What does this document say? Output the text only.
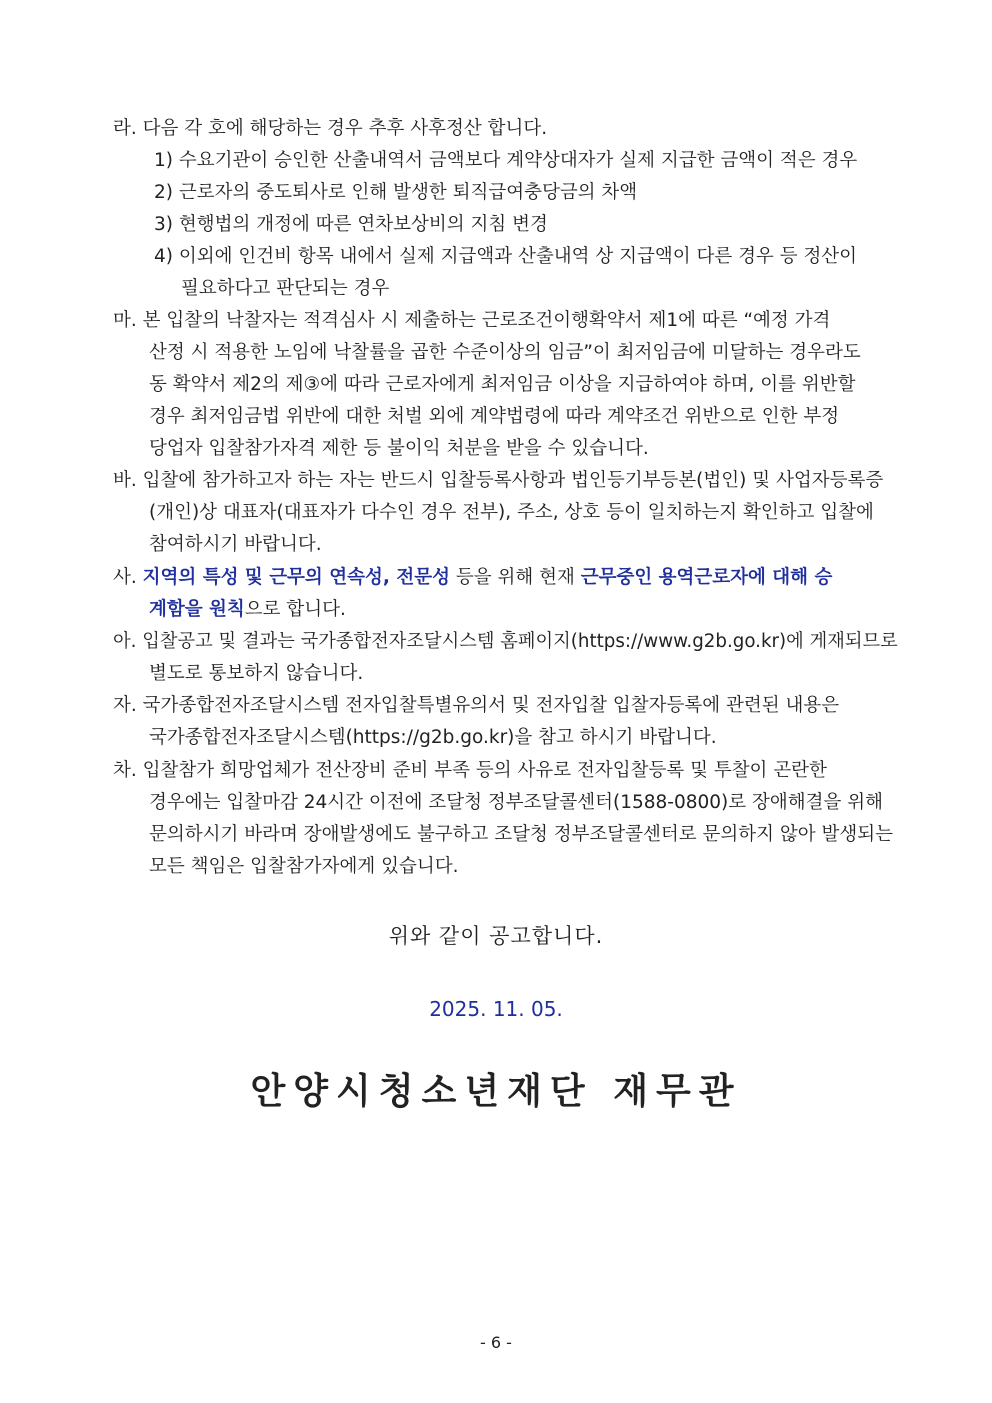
라. 다음 각 호에 해당하는 경우 추후 사후정산 합니다.
1) 수요기관이 승인한 산출내역서 금액보다 계약상대자가 실제 지급한 금액이 적은 경우
2) 근로자의 중도퇴사로 인해 발생한 퇴직급여충당금의 차액
3) 현행법의 개정에 따른 연차보상비의 지침 변경
4) 이외에 인건비 항목 내에서 실제 지급액과 산출내역 상 지급액이 다른 경우 등 정산이
필요하다고 판단되는 경우
마. 본 입찰의 낙찰자는 적격심사 시 제출하는 근로조건이행확약서 제1에 따른 “예정 가격
산정 시 적용한 노임에 낙찰률을 곱한 수준이상의 임금”이 최저임금에 미달하는 경우라도
동 확약서 제2의 제③에 따라 근로자에게 최저임금 이상을 지급하여야 하며, 이를 위반할
경우 최저임금법 위반에 대한 처벌 외에 계약법령에 따라 계약조건 위반으로 인한 부정
당업자 입찰참가자격 제한 등 불이익 처분을 받을 수 있습니다.
바. 입찰에 참가하고자 하는 자는 반드시 입찰등록사항과 법인등기부등본(법인) 및 사업자등록증
(개인)상 대표자(대표자가 다수인 경우 전부), 주소, 상호 등이 일치하는지 확인하고 입찰에
참여하시기 바랍니다.
사. 지역의 특성 및 근무의 연속성, 전문성 등을 위해 현재 근무중인 용역근로자에 대해 승
계함을 원칙으로 합니다.
아. 입찰공고 및 결과는 국가종합전자조달시스템 홈페이지(https://www.g2b.go.kr)에 게재되므로
별도로 통보하지 않습니다.
자. 국가종합전자조달시스템 전자입찰특별유의서 및 전자입찰 입찰자등록에 관련된 내용은
국가종합전자조달시스템(https://g2b.go.kr)을 참고 하시기 바랍니다.
차. 입찰참가 희망업체가 전산장비 준비 부족 등의 사유로 전자입찰등록 및 투찰이 곤란한
경우에는 입찰마감 24시간 이전에 조달청 정부조달콜센터(1588-0800)로 장애해결을 위해
문의하시기 바라며 장애발생에도 불구하고 조달청 정부조달콜센터로 문의하지 않아 발생되는
모든 책임은 입찰참가자에게 있습니다.
위와 같이 공고합니다.
2025. 11. 05.
안양시청소년재단 재무관
- 6 -
